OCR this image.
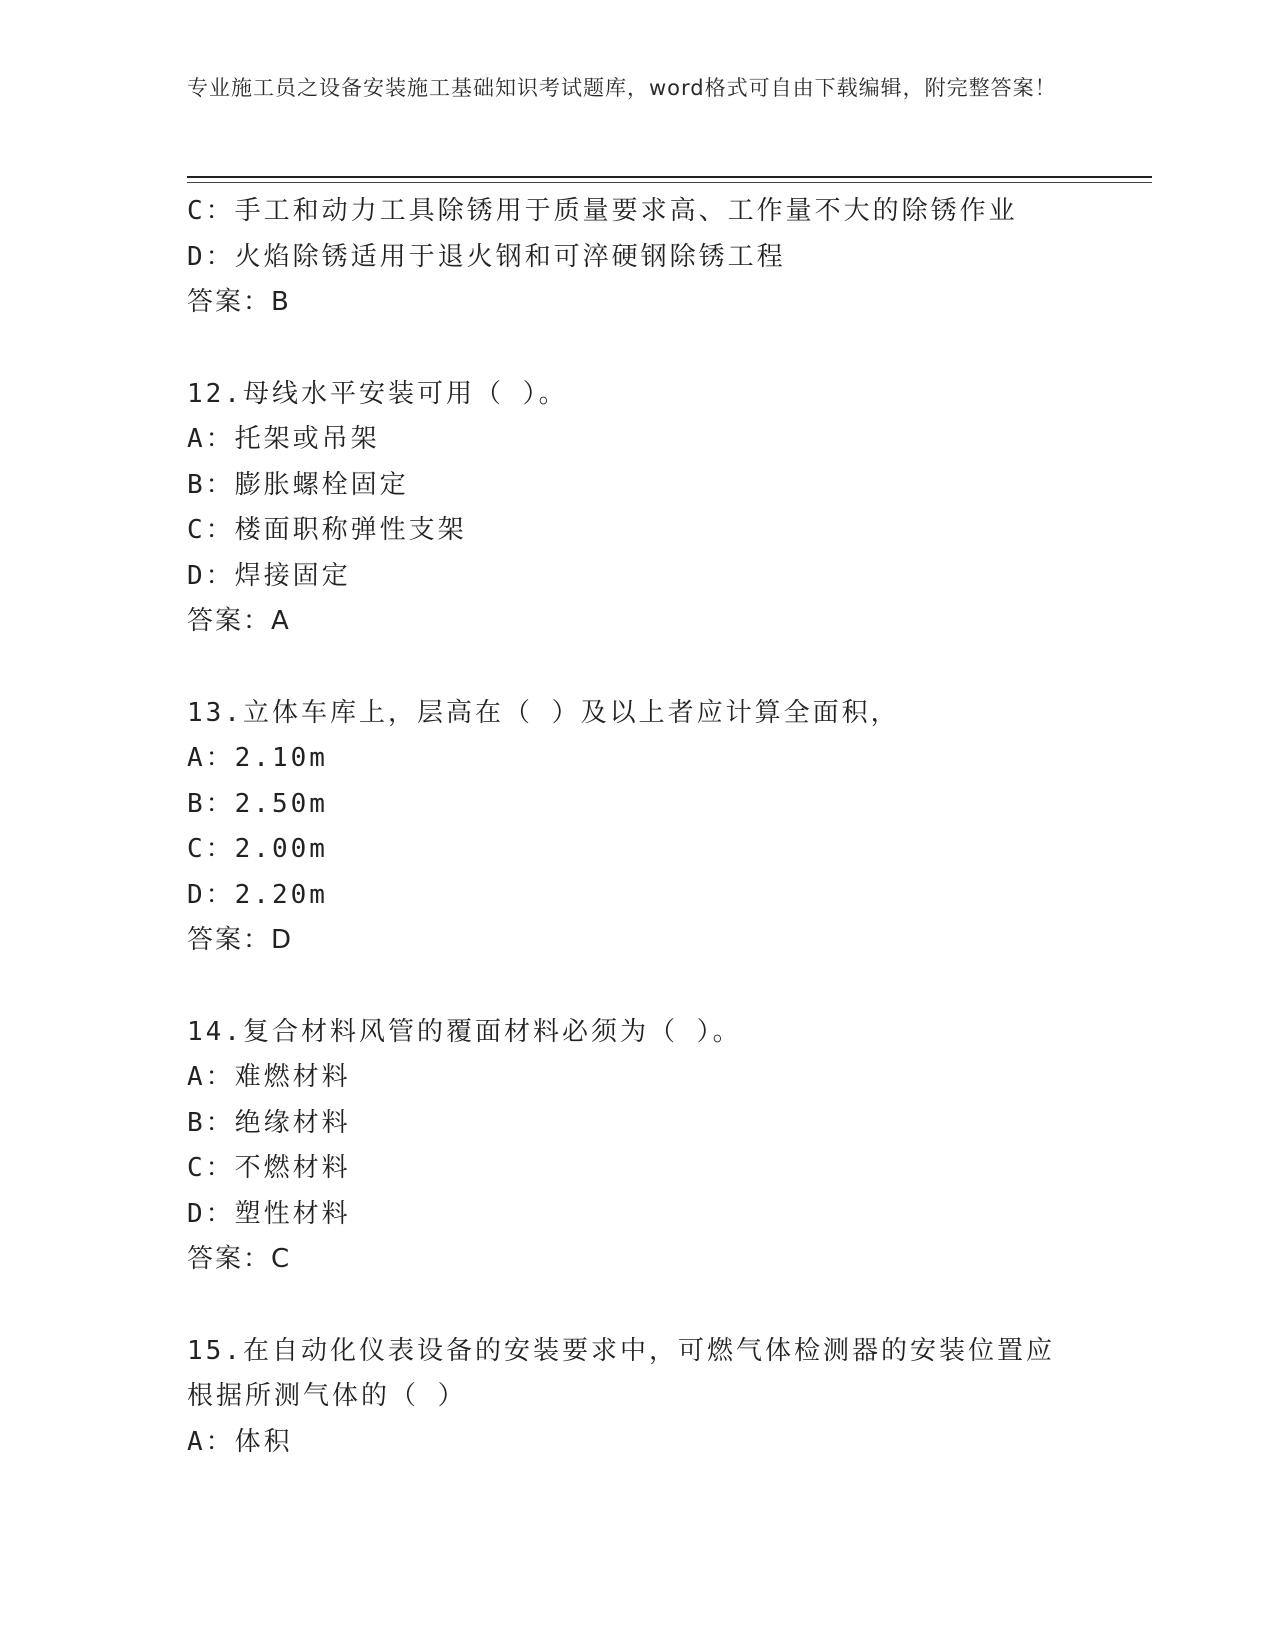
专业施工员之设备安装施工基础知识考试题库，word格式可自由下载编辑，附完整答案！
C：手工和动力工具除锈用于质量要求高、工作量不大的除锈作业
D：火焰除锈适用于退火钢和可淬硬钢除锈工程
答案：B
12.母线水平安装可用（ ）。
A：托架或吊架
B：膨胀螺栓固定
C：楼面职称弹性支架
D：焊接固定
答案：A
13.立体车库上，层高在（ ）及以上者应计算全面积，
A：2.10m
B：2.50m
C：2.00m
D：2.20m
答案：D
14.复合材料风管的覆面材料必须为（ ）。
A：难燃材料
B：绝缘材料
C：不燃材料
D：塑性材料
答案：C
15.在自动化仪表设备的安装要求中，可燃气体检测器的安装位置应根据所测气体的（ ）
A：体积
